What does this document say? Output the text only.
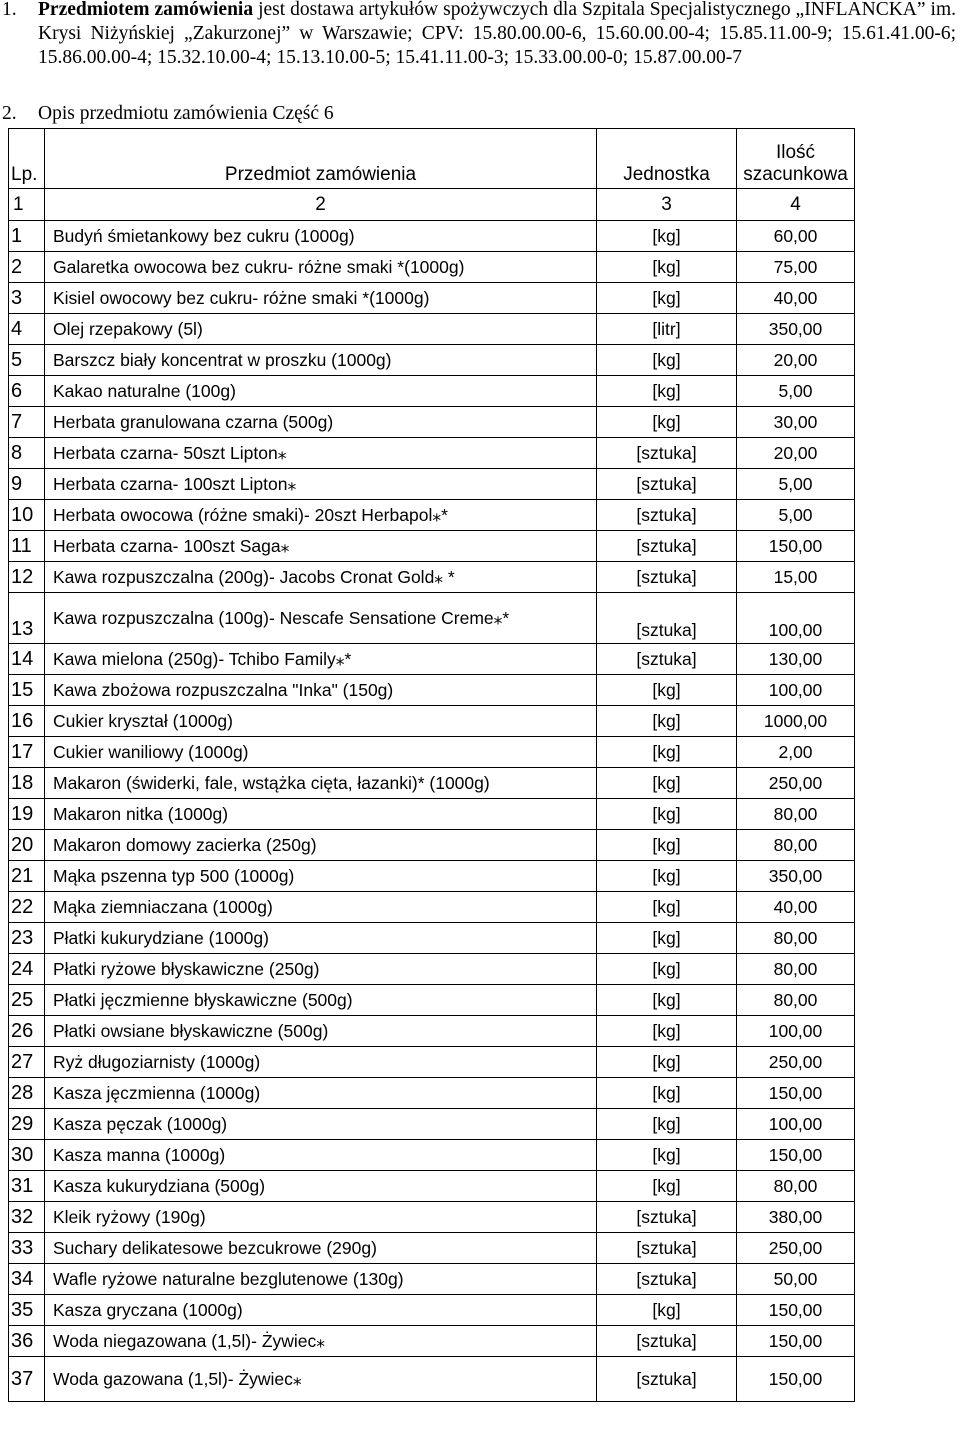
1. Przedmiotem zamówienia jest dostawa artykułów spożywczych dla Szpitala Specjalistycznego „INFLANCKA” im. Krysi Niżyńskiej „Zakurzonej” w Warszawie; CPV: 15.80.00.00-6, 15.60.00.00-4; 15.85.11.00-9; 15.61.41.00-6; 15.86.00.00-4; 15.32.10.00-4; 15.13.10.00-5; 15.41.11.00-3; 15.33.00.00-0; 15.87.00.00-7
2. Opis przedmiotu zamówienia Część 6
Lp.	Przedmiot zamówienia	Jednostka	Ilość
szacunkowa

1	2	3	4
1	Budyń śmietankowy bez cukru (1000g)	[kg]	60,00
2	Galaretka owocowa bez cukru- różne smaki *(1000g)	[kg]	75,00
3	Kisiel owocowy bez cukru- różne smaki *(1000g)	[kg]	40,00
4	Olej rzepakowy (5l)	[litr]	350,00
5	Barszcz biały koncentrat w proszku (1000g)	[kg]	20,00
6	Kakao naturalne (100g)	[kg]	5,00
7	Herbata granulowana czarna (500g)	[kg]	30,00
8	Herbata czarna- 50szt Lipton⁎	[sztuka]	20,00
9	Herbata czarna- 100szt Lipton⁎	[sztuka]	5,00
10	Herbata owocowa (różne smaki)- 20szt Herbapol⁎*	[sztuka]	5,00
11	Herbata czarna- 100szt Saga⁎	[sztuka]	150,00
12	Kawa rozpuszczalna (200g)- Jacobs Cronat Gold⁎ *	[sztuka]	15,00
13	Kawa rozpuszczalna (100g)- Nescafe Sensatione Creme⁎*	[sztuka]	100,00
14	Kawa mielona (250g)- Tchibo Family⁎*	[sztuka]	130,00
15	Kawa zbożowa rozpuszczalna "Inka" (150g)	[kg]	100,00
16	Cukier kryształ (1000g)	[kg]	1000,00
17	Cukier waniliowy (1000g)	[kg]	2,00
18	Makaron (świderki, fale, wstążka cięta, łazanki)* (1000g)	[kg]	250,00
19	Makaron nitka (1000g)	[kg]	80,00
20	Makaron domowy zacierka (250g)	[kg]	80,00
21	Mąka pszenna typ 500 (1000g)	[kg]	350,00
22	Mąka ziemniaczana (1000g)	[kg]	40,00
23	Płatki kukurydziane (1000g)	[kg]	80,00
24	Płatki ryżowe błyskawiczne (250g)	[kg]	80,00
25	Płatki jęczmienne błyskawiczne (500g)	[kg]	80,00
26	Płatki owsiane błyskawiczne (500g)	[kg]	100,00
27	Ryż długoziarnisty (1000g)	[kg]	250,00
28	Kasza jęczmienna (1000g)	[kg]	150,00
29	Kasza pęczak (1000g)	[kg]	100,00
30	Kasza manna (1000g)	[kg]	150,00
31	Kasza kukurydziana (500g)	[kg]	80,00
32	Kleik ryżowy (190g)	[sztuka]	380,00
33	Suchary delikatesowe bezcukrowe (290g)	[sztuka]	250,00
34	Wafle ryżowe naturalne bezglutenowe (130g)	[sztuka]	50,00
35	Kasza gryczana (1000g)	[kg]	150,00
36	Woda niegazowana (1,5l)- Żywiec⁎	[sztuka]	150,00
37	Woda gazowana (1,5l)- Żywiec⁎	[sztuka]	150,00
